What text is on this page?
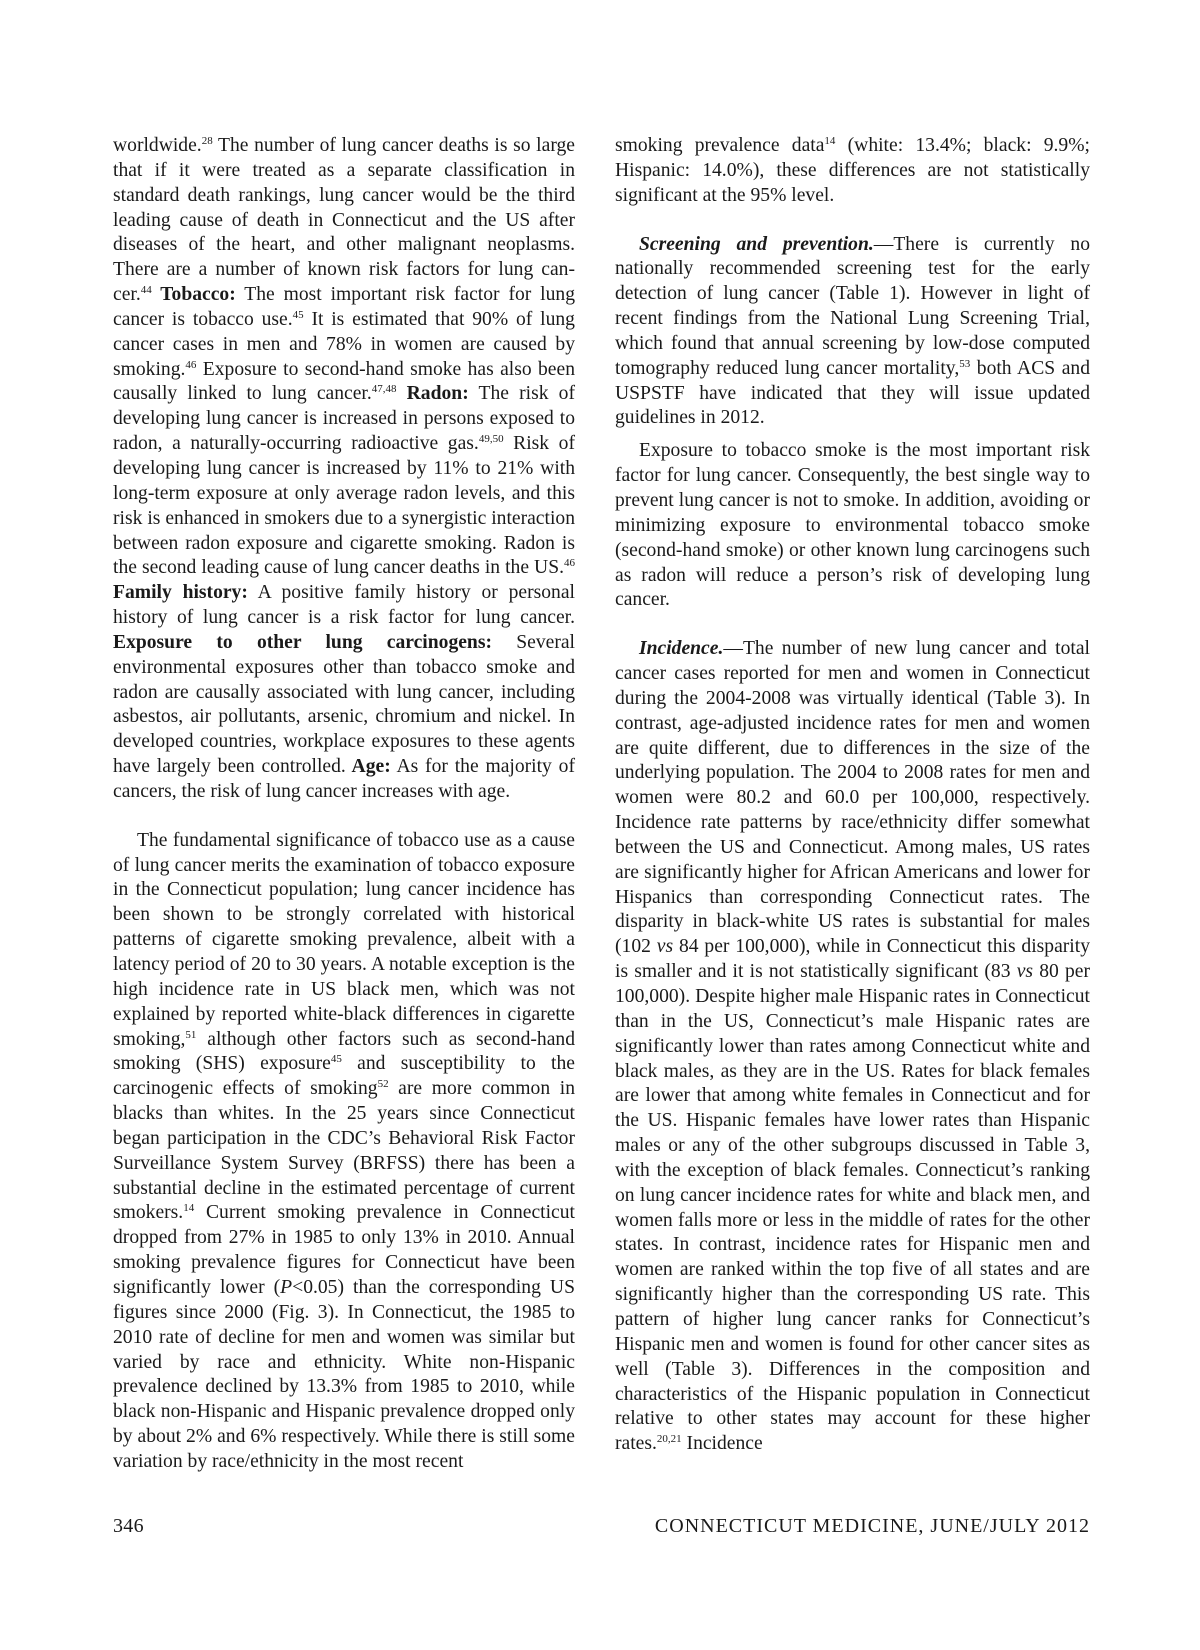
worldwide.$^{28}$ The number of lung cancer deaths is so large that if it were treated as a separate classification in standard death rankings, lung cancer would be the third leading cause of death in Connecticut and the US after diseases of the heart, and other malignant neoplasms. There are a number of known risk factors for lung cancer.$^{44}$ Tobacco: The most important risk factor for lung cancer is tobacco use.$^{45}$ It is estimated that 90% of lung cancer cases in men and 78% in women are caused by smoking.$^{46}$ Exposure to second-hand smoke has also been causally linked to lung cancer.$^{47,48}$ Radon: The risk of developing lung cancer is increased in persons exposed to radon, a naturally-occurring radioactive gas.$^{49,50}$ Risk of developing lung cancer is increased by 11% to 21% with long-term exposure at only average radon levels, and this risk is enhanced in smokers due to a synergistic interaction between radon exposure and cigarette smoking. Radon is the second leading cause of lung cancer deaths in the US.$^{46}$ Family history: A positive family history or personal history of lung cancer is a risk factor for lung cancer. Exposure to other lung carcinogens: Several environmental exposures other than tobacco smoke and radon are causally associated with lung cancer, including asbestos, air pollutants, arsenic, chromium and nickel. In developed countries, workplace exposures to these agents have largely been controlled. Age: As for the majority of cancers, the risk of lung cancer increases with age.

The fundamental significance of tobacco use as a cause of lung cancer merits the examination of tobacco exposure in the Connecticut population; lung cancer incidence has been shown to be strongly correlated with historical patterns of cigarette smoking prevalence, albeit with a latency period of 20 to 30 years. A notable exception is the high incidence rate in US black men, which was not explained by reported white-black differences in cigarette smoking,$^{51}$ although other factors such as second-hand smoking (SHS) exposure$^{45}$ and susceptibility to the carcinogenic effects of smoking$^{52}$ are more common in blacks than whites. In the 25 years since Connecticut began participation in the CDC’s Behavioral Risk Factor Surveillance System Survey (BRFSS) there has been a substantial decline in the estimated percentage of current smokers.$^{14}$ Current smoking prevalence in Connecticut dropped from 27% in 1985 to only 13% in 2010. Annual smoking prevalence figures for Connecticut have been significantly lower (P<0.05) than the corresponding US figures since 2000 (Fig. 3). In Connecticut, the 1985 to 2010 rate of decline for men and women was similar but varied by race and ethnicity. White non-Hispanic prevalence declined by 13.3% from 1985 to 2010, while black non-Hispanic and Hispanic prevalence dropped only by about 2% and 6% respectively. While there is still some variation by race/ethnicity in the most recent

smoking prevalence data$^{14}$ (white: 13.4%; black: 9.9%; Hispanic: 14.0%), these differences are not statistically significant at the 95% level.

Screening and prevention.—There is currently no nationally recommended screening test for the early detection of lung cancer (Table 1). However in light of recent findings from the National Lung Screening Trial, which found that annual screening by low-dose computed tomography reduced lung cancer mortality,$^{53}$ both ACS and USPSTF have indicated that they will issue updated guidelines in 2012.

Exposure to tobacco smoke is the most important risk factor for lung cancer. Consequently, the best single way to prevent lung cancer is not to smoke. In addition, avoiding or minimizing exposure to environmental tobacco smoke (second-hand smoke) or other known lung carcinogens such as radon will reduce a person’s risk of developing lung cancer.

Incidence.—The number of new lung cancer and total cancer cases reported for men and women in Connecticut during the 2004-2008 was virtually identical (Table 3). In contrast, age-adjusted incidence rates for men and women are quite different, due to differences in the size of the underlying population. The 2004 to 2008 rates for men and women were 80.2 and 60.0 per 100,000, respectively. Incidence rate patterns by race/ethnicity differ somewhat between the US and Connecticut. Among males, US rates are significantly higher for African Americans and lower for Hispanics than corresponding Connecticut rates. The disparity in black-white US rates is substantial for males (102 vs 84 per 100,000), while in Connecticut this disparity is smaller and it is not statistically significant (83 vs 80 per 100,000). Despite higher male Hispanic rates in Connecticut than in the US, Connecticut’s male Hispanic rates are significantly lower than rates among Connecticut white and black males, as they are in the US. Rates for black females are lower that among white females in Connecticut and for the US. Hispanic females have lower rates than Hispanic males or any of the other subgroups discussed in Table 3, with the exception of black females. Connecticut’s ranking on lung cancer incidence rates for white and black men, and women falls more or less in the middle of rates for the other states. In contrast, incidence rates for Hispanic men and women are ranked within the top five of all states and are significantly higher than the corresponding US rate. This pattern of higher lung cancer ranks for Connecticut’s Hispanic men and women is found for other cancer sites as well (Table 3). Differences in the composition and characteristics of the Hispanic population in Connecticut relative to other states may account for these higher rates.$^{20,21}$ Incidence

346	CONNECTICUT MEDICINE, JUNE/JULY 2012
